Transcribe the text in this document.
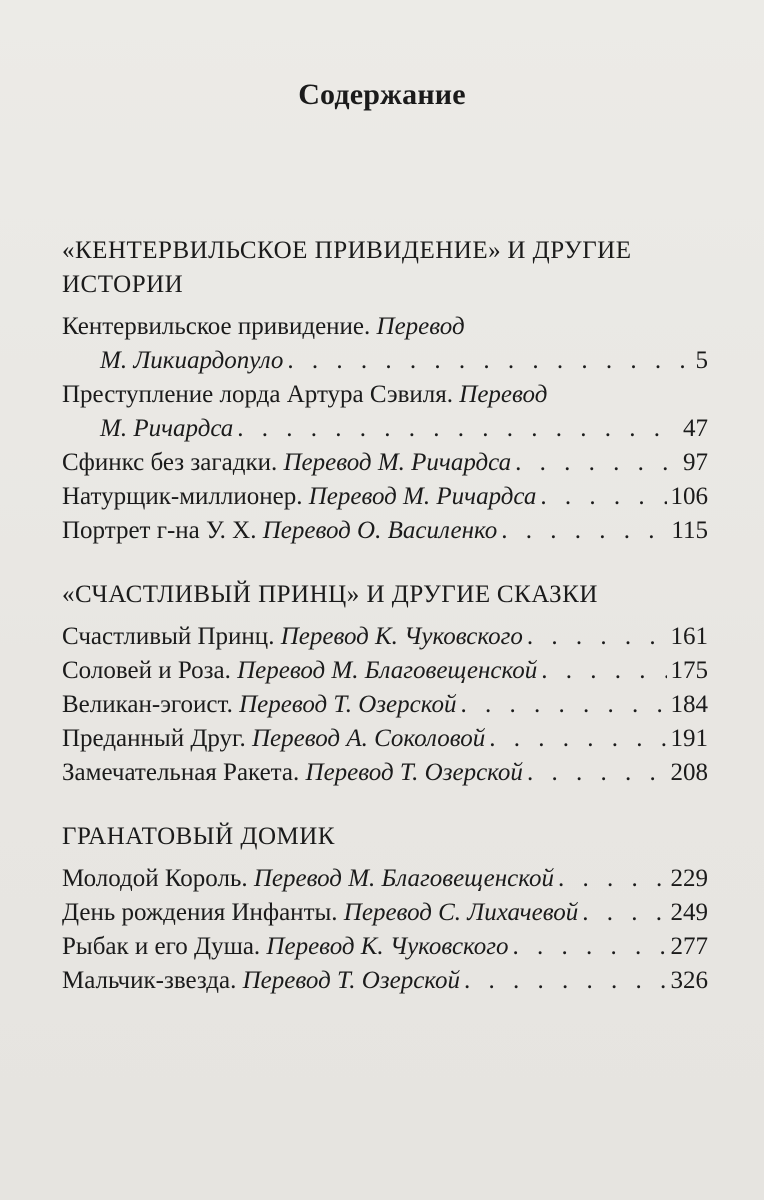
Содержание
«КЕНТЕРВИЛЬСКОЕ ПРИВИДЕНИЕ» И ДРУГИЕ ИСТОРИИ
Кентервильское привидение. Перевод
М. Ликиардопуло . . .	5
Преступление лорда Артура Сэвиля. Перевод
М. Ричардса . . .	47
Сфинкс без загадки. Перевод М. Ричардса . . .	97
Натурщик-миллионер. Перевод М. Ричардса . . .	106
Портрет г-на У. Х. Перевод О. Василенко . . .	115
«СЧАСТЛИВЫЙ ПРИНЦ» И ДРУГИЕ СКАЗКИ
Счастливый Принц. Перевод К. Чуковского . . .	161
Соловей и Роза. Перевод М. Благовещенской . . .	175
Великан-эгоист. Перевод Т. Озерской . . .	184
Преданный Друг. Перевод А. Соколовой . . .	191
Замечательная Ракета. Перевод Т. Озерской . . .	208
ГРАНАТОВЫЙ ДОМИК
Молодой Король. Перевод М. Благовещенской . . .	229
День рождения Инфанты. Перевод С. Лихачевой . . .	249
Рыбак и его Душа. Перевод К. Чуковского . . .	277
Мальчик-звезда. Перевод Т. Озерской . . .	326
